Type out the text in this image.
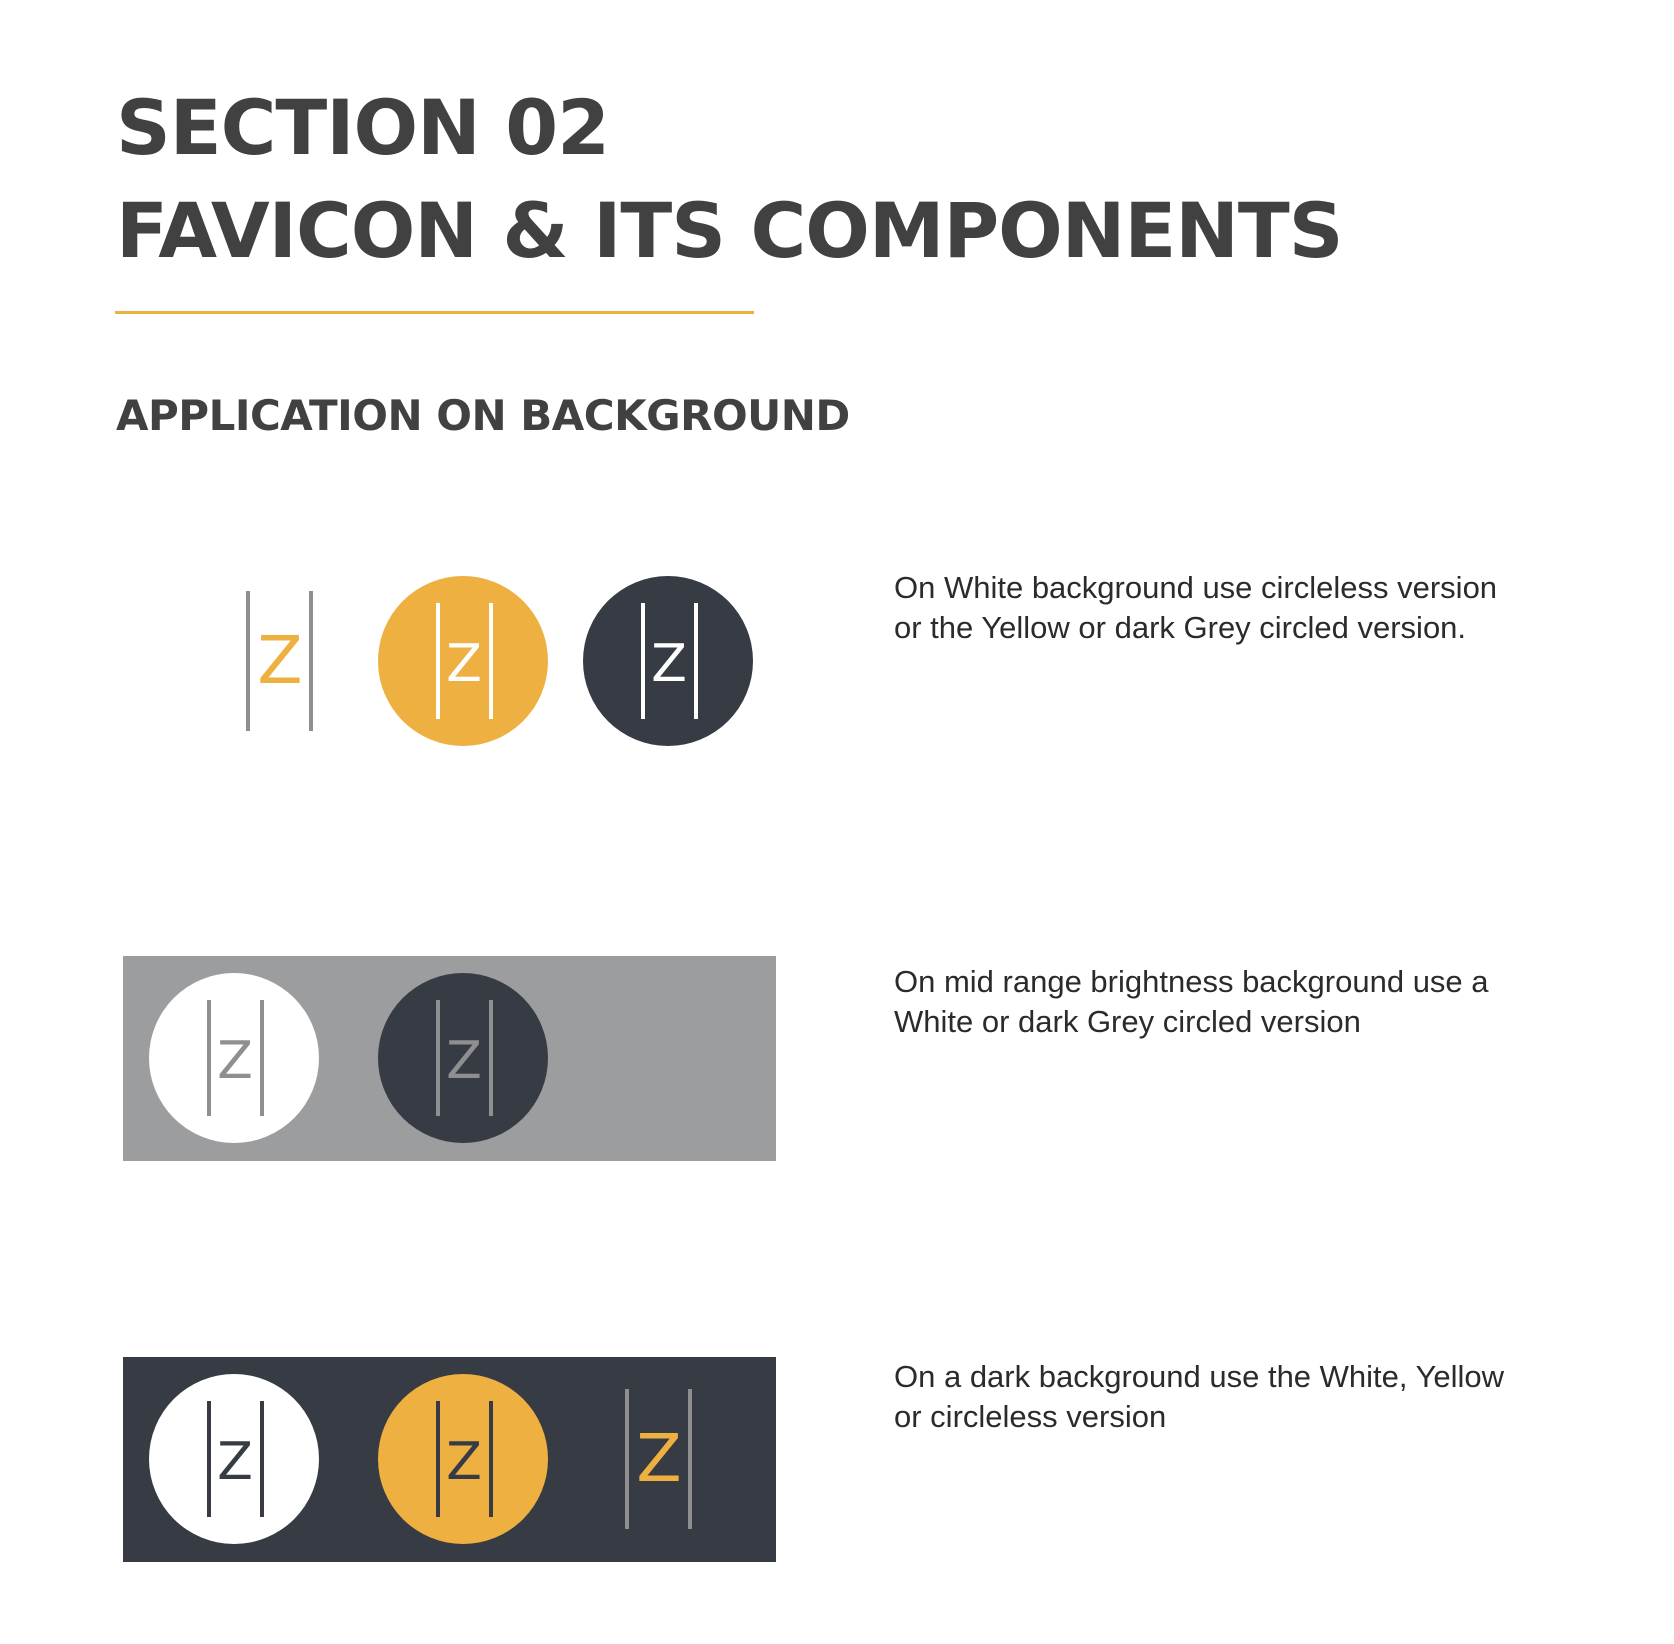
SECTION 02
FAVICON & ITS COMPONENTS
APPLICATION ON BACKGROUND
Z	Z	Z

On White background use circleless version
or the Yellow or dark Grey circled version.

Z	Z

On mid range brightness background use a
White or dark Grey circled version

Z	Z Z

On a dark background use the White, Yellow
or circleless version
